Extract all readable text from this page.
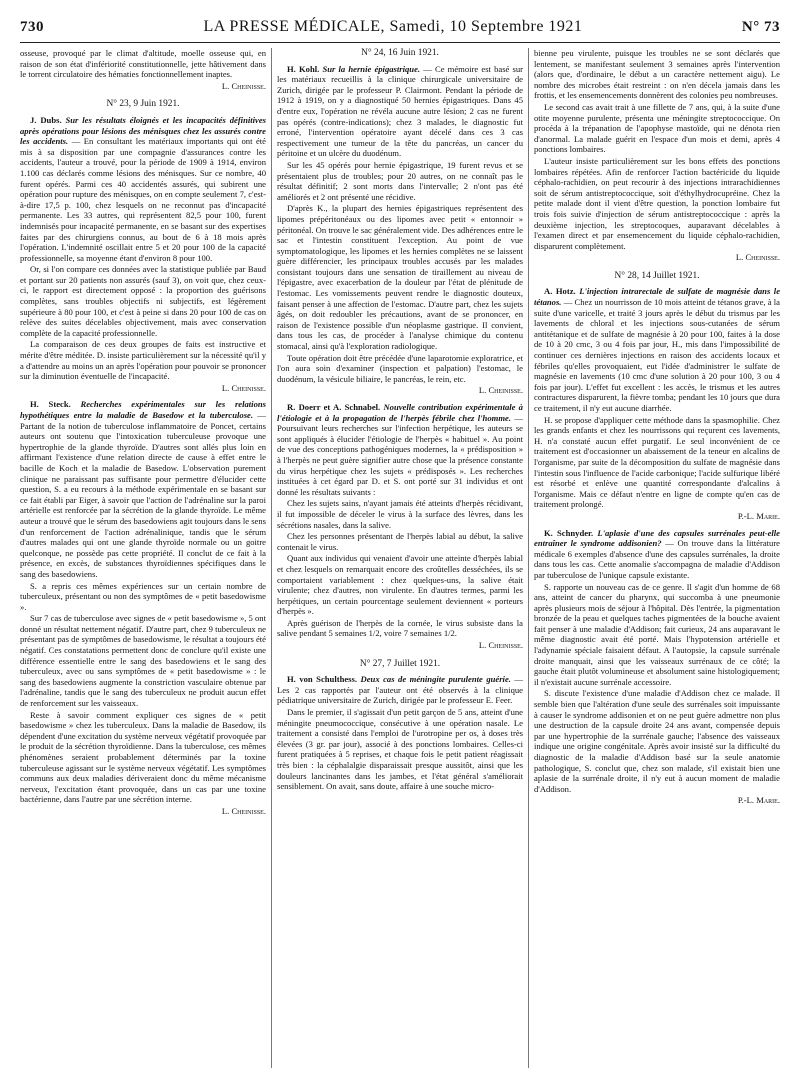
730	LA PRESSE MÉDICALE, Samedi, 10 Septembre 1921	N° 73

osseuse, provoqué par le climat d'altitude, moelle osseuse qui, en raison de son état d'infériorité constitutionnelle, jette hâtivement dans le torrent circulatoire des hématies fonctionnellement inaptes.

L. Cheinisse.

N° 23, 9 Juin 1921.

J. Dubs. Sur les résultats éloignés et les incapacités définitives après opérations pour lésions des ménisques chez les assurés contre les accidents. — En consultant les matériaux importants qui ont été mis à sa disposition par une compagnie d'assurances contre les accidents, l'auteur a trouvé, pour la période de 1909 à 1914, environ 1.100 cas déclarés comme lésions des ménisques. Sur ce nombre, 40 furent opérés. Parmi ces 40 accidentés assurés, qui subirent une opération pour rupture des ménisques, on en compte seulement 7, c'est-à-dire 17,5 p. 100, chez lesquels on ne reconnut pas d'incapacité permanente. Les 33 autres, qui représentent 82,5 pour 100, furent indemnisés pour incapacité permanente, en se basant sur des expertises faites par des chirurgiens connus, au bout de 6 à 18 mois après l'opération. L'indemnité oscillait entre 5 et 20 pour 100 de la capacité professionnelle, sa moyenne étant d'environ 8 pour 100.

Or, si l'on compare ces données avec la statistique publiée par Baud et portant sur 20 patients non assurés (sauf 3), on voit que, chez ceux-ci, le rapport est directement opposé : la proportion des guérisons complètes, sans troubles objectifs ni subjectifs, est légèrement supérieure à 80 pour 100, et c'est à peine si dans 20 pour 100 de cas on relève des suites décelables objectivement, mais avec conservation complète de la capacité professionnelle.

La comparaison de ces deux groupes de faits est instructive et mérite d'être méditée. D. insiste particulièrement sur la nécessité qu'il y a d'attendre au moins un an après l'opération pour pouvoir se prononcer sur la diminution éventuelle de l'incapacité.

L. Cheinisse.

H. Steck. Recherches expérimentales sur les relations hypothétiques entre la maladie de Basedow et la tuberculose. — Partant de la notion de tuberculose inflammatoire de Poncet, certains auteurs ont soutenu que l'intoxication tuberculeuse provoque une hypertrophie de la glande thyroïde. D'autres sont allés plus loin en affirmant l'existence d'une relation directe de cause à effet entre le bacille de Koch et la maladie de Basedow. L'observation purement clinique ne paraissant pas suffisante pour permettre d'élucider cette question, S. a eu recours à la méthode expérimentale en se basant sur ce fait établi par Eiger, à savoir que l'action de l'adrénaline sur la paroi artérielle est renforcée par la sécrétion de la glande thyroïde. Le même auteur a trouvé que le sérum des basedowiens agit toujours dans le sens d'un renforcement de l'action adrénalinique, tandis que le sérum d'autres malades qui ont une glande thyroïde normale ou un goitre quelconque, ne possède pas cette propriété. Il conclut de ce fait à la présence, en excès, de substances thyroïdiennes spécifiques dans le sang des basedowiens.

S. a repris ces mêmes expériences sur un certain nombre de tuberculeux, présentant ou non des symptômes de « petit basedowisme ».

Sur 7 cas de tuberculose avec signes de « petit basedowisme », 5 ont donné un résultat nettement négatif. D'autre part, chez 9 tuberculeux ne présentant pas de symptômes de basedowisme, le résultat a toujours été négatif. Ces constatations permettent donc de conclure qu'il existe une différence essentielle entre le sang des basedowiens et le sang des tuberculeux, avec ou sans symptômes de « petit basedowisme » : le sang des basedowiens augmente la constriction vasculaire obtenue par l'adrénaline, tandis que le sang des tuberculeux ne produit aucun effet de renforcement sur les vaisseaux.

Reste à savoir comment expliquer ces signes de « petit basedowisme » chez les tuberculeux. Dans la maladie de Basedow, ils dépendent d'une excitation du système nerveux végétatif provoquée par le produit de la sécrétion thyroïdienne. Dans la tuberculose, ces mêmes phénomènes seraient probablement déterminés par la toxine tuberculeuse agissant sur le système nerveux végétatif. Les symptômes communs aux deux maladies dériveraient donc du même mécanisme nerveux, l'excitation étant provoquée, dans un cas par une toxine bactérienne, dans l'autre par une sécrétion interne.

L. Cheinisse.

N° 24, 16 Juin 1921.

H. Kohl. Sur la hernie épigastrique. — Ce mémoire est basé sur les matériaux recueillis à la clinique chirurgicale universitaire de Zurich, dirigée par le professeur P. Clairmont. Pendant la période de 1912 à 1919, on y a diagnostiqué 50 hernies épigastriques. Dans 45 d'entre eux, l'opération ne révéla aucune autre lésion; 2 cas ne furent pas opérés (contre-indications); chez 3 malades, le diagnostic fut erroné, l'intervention opératoire ayant décelé dans ces 3 cas respectivement une tumeur de la tête du pancréas, un cancer du péritoine et un ulcère du duodénum.

Sur les 45 opérés pour hernie épigastrique, 19 furent revus et se présentaient plus de troubles; pour 20 autres, on ne connaît pas le résultat définitif; 2 sont morts dans l'intervalle; 2 n'ont pas été améliorés et 2 ont présenté une récidive.

D'après K., la plupart des hernies épigastriques représentent des lipomes prépéritonéaux ou des lipomes avec petit « entonnoir » péritonéal. On trouve le sac généralement vide. Des adhérences entre le sac et l'intestin constituent l'exception. Au point de vue symptomatologique, les lipomes et les hernies complètes ne se laissent guère différencier, les principaux troubles accusés par les malades consistant toujours dans une sensation de tiraillement au niveau de l'épigastre, avec exacerbation de la douleur par l'état de plénitude de l'estomac. Les vomissements peuvent rendre le diagnostic douteux, faisant penser à une affection de l'estomac. D'autre part, chez les sujets âgés, on doit redoubler les précautions, avant de se prononcer, en raison de l'existence possible d'un néoplasme gastrique. Il convient, dans tous les cas, de procéder à l'analyse chimique du contenu stomacal, ainsi qu'à l'exploration radiologique.

Toute opération doit être précédée d'une laparotomie exploratrice, et l'on aura soin d'examiner (inspection et palpation) l'estomac, le duodénum, la vésicule biliaire, le pancréas, le rein, etc.

L. Cheinisse.

R. Doerr et A. Schnabel. Nouvelle contribution expérimentale à l'étiologie et à la propagation de l'herpès fébrile chez l'homme. — Poursuivant leurs recherches sur l'infection herpétique, les auteurs se sont appliqués à élucider l'étiologie de l'herpès « habituel ». Au point de vue des conceptions pathogéniques modernes, la « prédisposition » à l'herpès ne peut guère signifier autre chose que la présence constante du virus herpétique chez les sujets « prédisposés ». Les recherches instituées à cet égard par D. et S. ont porté sur 31 individus et ont donné les résultats suivants :

Chez les sujets sains, n'ayant jamais été atteints d'herpès récidivant, il fut impossible de déceler le virus à la surface des lèvres, dans les sécrétions nasales, dans la salive.

Chez les personnes présentant de l'herpès labial au début, la salive contenait le virus.

Quant aux individus qui venaient d'avoir une atteinte d'herpès labial et chez lesquels on remarquait encore des croûtelles desséchées, ils se comportaient variablement : chez quelques-uns, la salive était virulente; chez d'autres, non virulente. En d'autres termes, parmi les herpétiques, un certain pourcentage seulement deviennent « porteurs d'herpès ».

Après guérison de l'herpès de la cornée, le virus subsiste dans la salive pendant 5 semaines 1/2, voire 7 semaines 1/2.

L. Cheinisse.

N° 27, 7 Juillet 1921.

H. von Schulthess. Deux cas de méningite purulente guérie. — Les 2 cas rapportés par l'auteur ont été observés à la clinique pédiatrique universitaire de Zurich, dirigée par le professeur E. Feer.

Dans le premier, il s'agissait d'un petit garçon de 5 ans, atteint d'une méningite pneumococcique, consécutive à une opération nasale. Le traitement a consisté dans l'emploi de l'urotropine per os, à doses très élevées (3 gr. par jour), associé à des ponctions lombaires. Celles-ci furent pratiquées à 5 reprises, et chaque fois le petit patient réagissait très bien : la céphalalgie disparaissait presque aussitôt, ainsi que les douleurs lancinantes dans les jambes, et l'état général s'améliorait sensiblement. On avait, sans doute, affaire à une souche micro-

bienne peu virulente, puisque les troubles ne se sont déclarés que lentement, se manifestant seulement 3 semaines après l'intervention (alors que, d'ordinaire, le début a un caractère nettement aigu). Le nombre des microbes était restreint : on n'en décela jamais dans les frottis, et les ensemencements donnèrent des colonies peu nombreuses.

Le second cas avait trait à une fillette de 7 ans, qui, à la suite d'une otite moyenne purulente, présenta une méningite streptococcique. On procéda à la trépanation de l'apophyse mastoïde, qui ne dénota rien d'anormal. La malade guérit en l'espace d'un mois et demi, après 4 ponctions lombaires.

L'auteur insiste particulièrement sur les bons effets des ponctions lombaires répétées. Afin de renforcer l'action bactéricide du liquide céphalo-rachidien, on peut recourir à des injections intrarachidiennes soit de sérum antistreptococcique, soit d'éthylhydrocupréine. Chez la petite malade dont il vient d'être question, la ponction lombaire fut trois fois suivie d'injection de sérum antistreptococcique : après la deuxième injection, les streptocoques, auparavant décelables à l'examen direct et par ensemencement du liquide céphalo-rachidien, disparurent complètement.

L. Cheinisse.

N° 28, 14 Juillet 1921.

A. Hotz. L'injection intrarectale de sulfate de magnésie dans le tétanos. — Chez un nourrisson de 10 mois atteint de tétanos grave, à la suite d'une varicelle, et traité 3 jours après le début du trismus par les lavements de chloral et les injections sous-cutanées de sérum antitétanique et de sulfate de magnésie à 20 pour 100, faites à la dose de 10 à 20 cmc, 3 ou 4 fois par jour, H., mis dans l'impossibilité de continuer ces dernières injections en raison des accidents locaux et fébriles qu'elles provoquaient, eut l'idée d'administrer le sulfate de magnésie en lavements (10 cmc d'une solution à 20 pour 100, 3 ou 4 fois par jour). L'effet fut excellent : les accès, le trismus et les autres contractures disparurent, la fièvre tomba; pendant les 10 jours que dura ce traitement, il n'y eut aucune diarrhée.

H. se propose d'appliquer cette méthode dans la spasmophilie. Chez les grands enfants et chez les nourrissons qui reçurent ces lavements, H. n'a constaté aucun effet purgatif. Le seul inconvénient de ce traitement est d'occasionner un abaissement de la teneur en alcalins de l'organisme, par suite de la décomposition du sulfate de magnésie dans l'intestin sous l'influence de l'acide carbonique; l'acide sulfurique libéré est résorbé et enlève une quantité correspondante d'alcalins à l'organisme. Mais ce défaut n'entre en ligne de compte qu'en cas de traitement prolongé.

P.-L. Marie.

K. Schnyder. L'aplasie d'une des capsules surrénales peut-elle entraîner le syndrome addisonien? — On trouve dans la littérature médicale 6 exemples d'absence d'une des capsules surrénales, la droite dans tous les cas. Cette anomalie s'accompagna de maladie d'Addison par tuberculose de l'unique capsule existante.

S. rapporte un nouveau cas de ce genre. Il s'agit d'un homme de 68 ans, atteint de cancer du pharynx, qui succomba à une pneumonie après plusieurs mois de séjour à l'hôpital. Dès l'entrée, la pigmentation bronzée de la peau et quelques taches pigmentées de la bouche avaient fait penser à une maladie d'Addison; fait curieux, 24 ans auparavant le même diagnostic avait été porté. Mais l'hypotension artérielle et l'adynamie spéciale faisaient défaut. A l'autopsie, la capsule surrénale droite manquait, ainsi que les vaisseaux surrénaux de ce côté; la gauche était plutôt volumineuse et absolument saine histologiquement; il n'existait aucune surrénale accessoire.

S. discute l'existence d'une maladie d'Addison chez ce malade. Il semble bien que l'altération d'une seule des surrénales soit impuissante à causer le syndrome addisonien et on ne peut guère admettre non plus une destruction de la capsule droite 24 ans avant, compensée depuis par une hypertrophie de la surrénale gauche; l'absence des vaisseaux indique une origine congénitale. Après avoir insisté sur la difficulté du diagnostic de la maladie d'Addison basé sur la seule anatomie pathologique, S. conclut que, chez son malade, s'il existait bien une aplasie de la surrénale droite, il n'y eut à aucun moment de maladie d'Addison.

P.-L. Marie.
